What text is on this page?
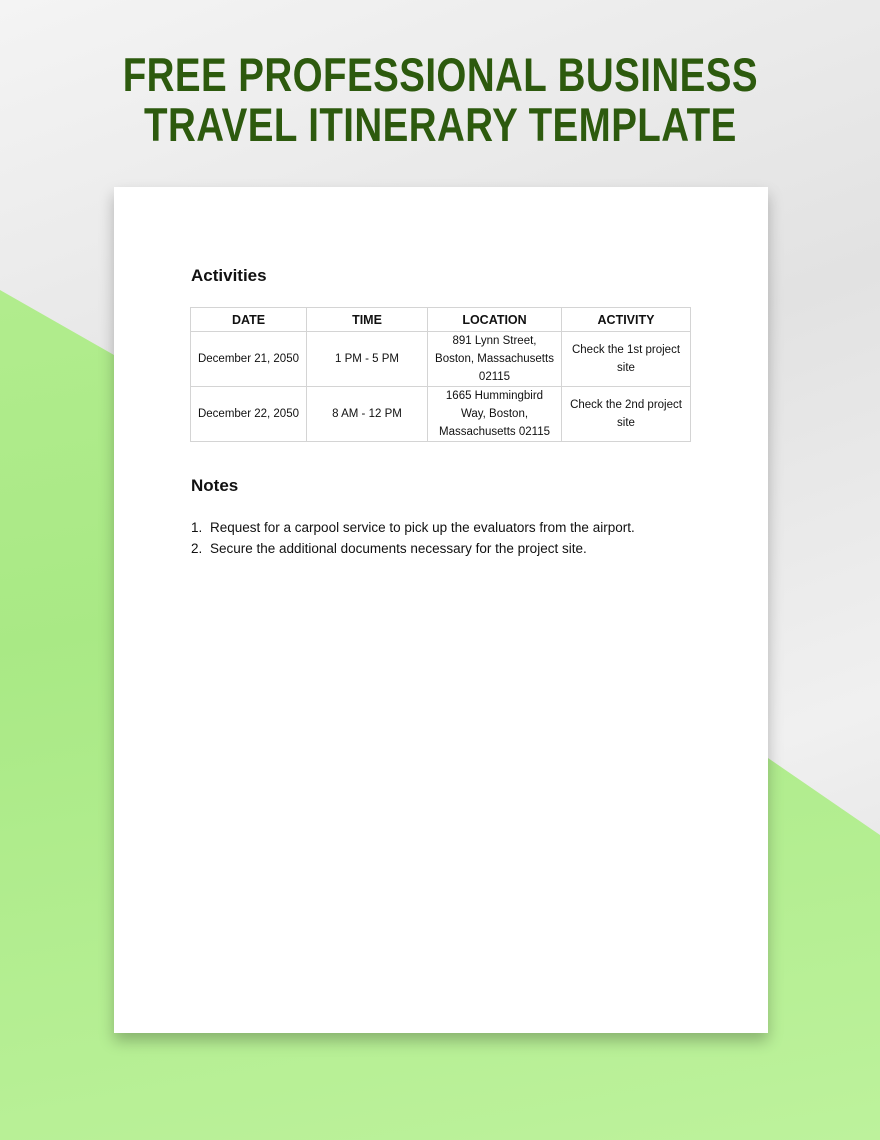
FREE PROFESSIONAL BUSINESS
TRAVEL ITINERARY TEMPLATE
Activities
DATE	TIME	LOCATION	ACTIVITY
December 21, 2050	1 PM - 5 PM	891 Lynn Street, Boston, Massachusetts 02115	Check the 1st project site
December 22, 2050	8 AM - 12 PM	1665 Hummingbird Way, Boston, Massachusetts 02115	Check the 2nd project site
Notes
1. Request for a carpool service to pick up the evaluators from the airport.
2. Secure the additional documents necessary for the project site.
